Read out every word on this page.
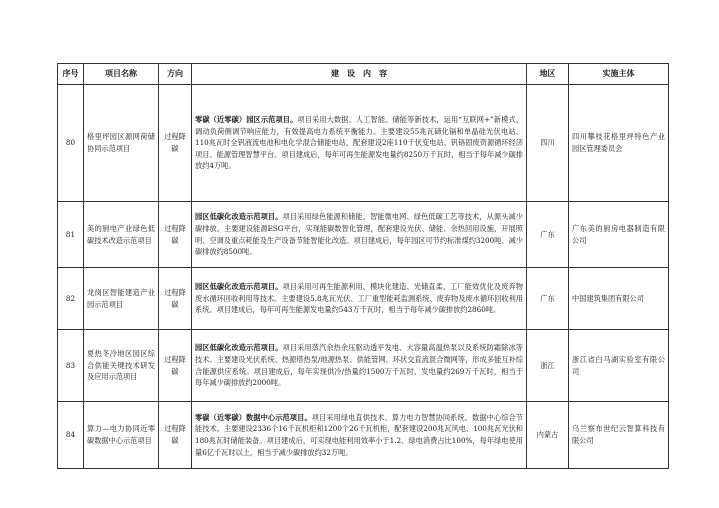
序号	项目名称	方向	建　设　内　容	地区	实施主体
80	格里坪园区源网荷储协同示范项目	过程降碳	零碳（近零碳）园区示范项目。项目采用大数据、人工智能、储能等新技术，运用“互联网+”新模式，调动负荷侧调节响应能力，有效提高电力系统平衡能力。主要建设55兆瓦碲化镉和单晶硅光伏电站、110兆瓦时全钒液流电池和电化学混合储能电站，配套建设2座110千伏变电站、钒铬固废资源循环经济项目、能源管理智慧平台。项目建成后，每年可再生能源发电量约8250万千瓦时，相当于每年减少碳排放约4万吨。	四川	四川攀枝花格里坪特色产业园区管理委员会
81	美的厨电产业绿色低碳技术改造示范项目	过程降碳	园区低碳化改造示范项目。项目采用绿色能源和储能、智能微电网、绿色低碳工艺等技术，从源头减少碳排放。主要建设能源ESG平台，实现能碳数智化管理，配套建设光伏、储能、余热回用设施，开展照明、空调及重点耗能及生产设备节能智能化改造。项目建成后，每年园区可节约标准煤约3200吨、减少碳排放约8500吨。	广东	广东美的厨房电器制造有限公司
82	龙岗区智能建造产业园示范项目	过程降碳	园区低碳化改造示范项目。项目采用可再生能源利用、模块化建造、光储直柔、工厂能效优化及废弃物废水循环回收利用等技术。主要建设5.8兆瓦光伏、工厂重型能耗监测系统、废弃物及废水循环回收利用系统。项目建成后，每年可再生能源发电量约543万千瓦时，相当于每年减少碳排放约2860吨。	广东	中国建筑集团有限公司
83	夏热冬冷地区园区综合供能关键技术研发及应用示范项目	过程降碳	园区低碳化改造示范项目。项目采用蒸汽余热余压驱动透平发电、大容量高温热泵以及系统防霜除冰等技术。主要建设光伏系统、热源塔热泵/地源热泵、供能管网、环状交直流混合微网等，形成多能互补综合能源供应系统。项目建成后，每年实现供冷/热量约1500万千瓦时、发电量约269万千瓦时，相当于每年减少碳排放约2000吨。	浙江	浙江省白马湖实验室有限公司
84	算力—电力协同近零碳数据中心示范项目	过程降碳	零碳（近零碳）数据中心示范项目。项目采用绿电直供技术、算力电力智慧协同系统、数据中心综合节能技术。主要建设2336个16千瓦机柜和1200个26千瓦机柜，配套建设200兆瓦风电、100兆瓦光伏和180兆瓦时储能装备。项目建成后，可实现电能利用效率小于1.2、绿电消费占比100%，每年绿电使用量6亿千瓦时以上，相当于减少碳排放约32万吨。	内蒙古	乌兰察布世纪云智算科技有限公司
